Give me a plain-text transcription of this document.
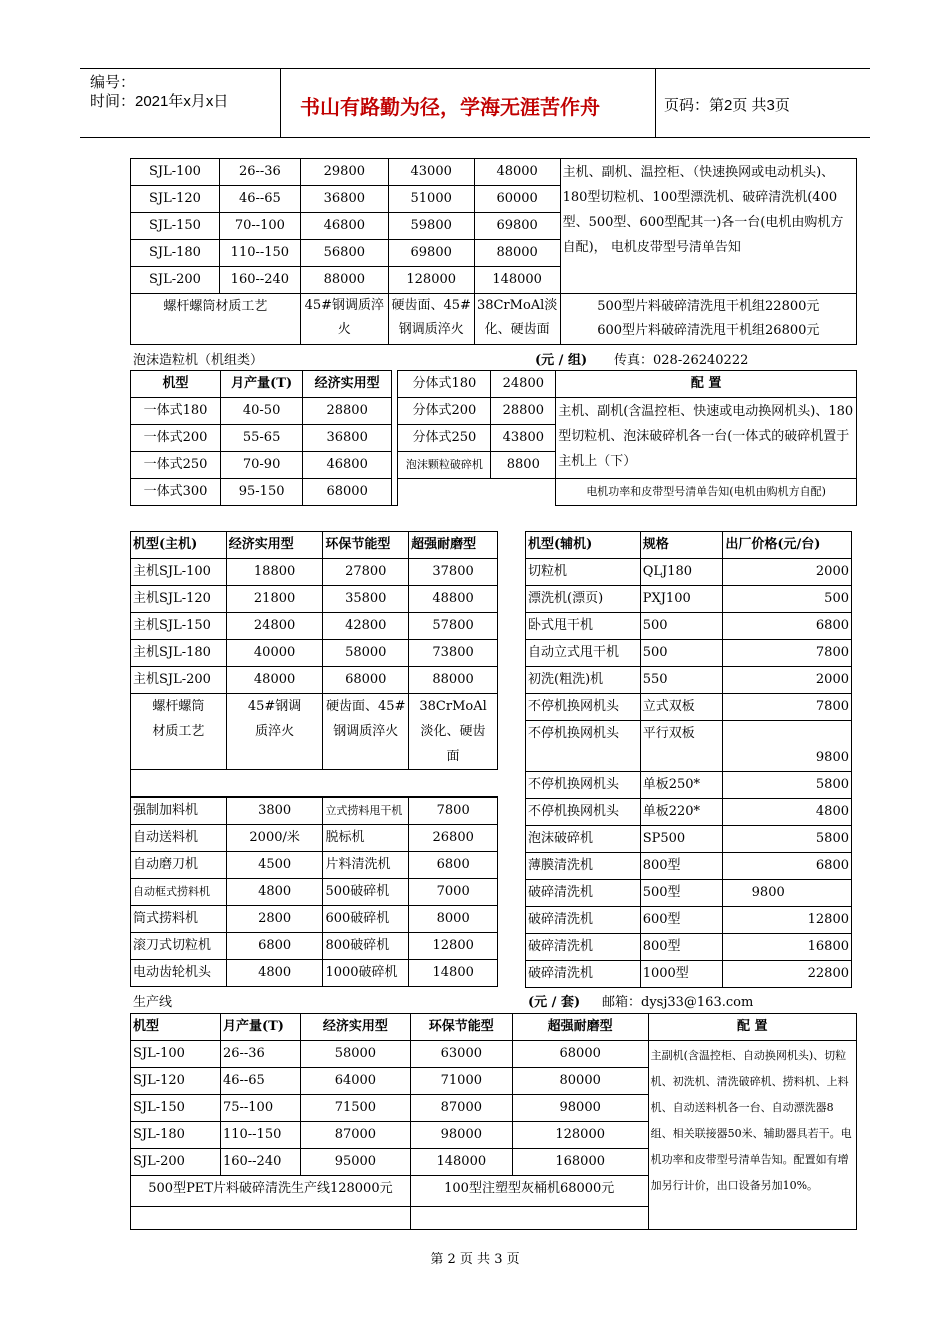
编号：
时间：2021年x月x日	书山有路勤为径，学海无涯苦作舟	页码：第2页 共3页
SJL-100	26--36	29800	43000	48000	主机、副机、温控柜、（快速换网或电动机头)、180型切粒机、100型漂洗机、破碎清洗机(400型、500型、600型配其一)各一台(电机由购机方自配)， 电机皮带型号清单告知
SJL-120	46--65	36800	51000	60000	
SJL-150	70--100	46800	59800	69800	
SJL-180	110--150	56800	69800	88000	
SJL-200	160--240	88000	128000	148000	
螺杆螺筒材质工艺		45#钢调质淬火	硬齿面、45#钢调质淬火	38CrMoAl淡化、硬齿面	500型片料破碎清洗甩干机组22800元
600型片料破碎清洗甩干机组26800元
泡沫造粒机（机组类）	(元 / 组) 传真：028-26240222
机型	月产量(T)	经济实用型		分体式180	24800	配 置
一体式180	40-50	28800		分体式200	28800	主机、副机(含温控柜、快速或电动换网机头)、180型切粒机、泡沫破碎机各一台(一体式的破碎机置于主机上（下）
一体式200	55-65	36800		分体式250	43800	
一体式250	70-90	46800		泡沫颗粒破碎机	8800	
一体式300	95-150	68000				电机功率和皮带型号清单告知(电机由购机方自配)
机型(主机)	经济实用型	环保节能型	超强耐磨型
主机SJL-100	18800	27800	37800
主机SJL-120	21800	35800	48800
主机SJL-150	24800	42800	57800
主机SJL-180	40000	58000	73800
主机SJL-200	48000	68000	88000
螺杆螺筒材质工艺	45#钢调质淬火	硬齿面、45#钢调质淬火	38CrMoAl淡化、硬齿面

强制加料机	3800	立式捞料甩干机	7800
自动送料机	2000/米	脱标机	26800
自动磨刀机	4500	片料清洗机	6800
自动框式捞料机	4800	500破碎机	7000
筒式捞料机	2800	600破碎机	8000
滚刀式切粒机	6800	800破碎机	12800
电动齿轮机头	4800	1000破碎机	14800
机型(辅机)	规格	出厂价格(元/台)
切粒机	QLJ180	2000
漂洗机(漂页)	PXJ100	500
卧式甩干机	500	6800
自动立式甩干机	500	7800
初洗(粗洗)机	550	2000
不停机换网机头	立式双板	7800
不停机换网机头	平行双板	9800
不停机换网机头	单板250*	5800
不停机换网机头	单板220*	4800
泡沫破碎机	SP500	5800
薄膜清洗机	800型	6800
破碎清洗机	500型	9800
破碎清洗机	600型	12800
破碎清洗机	800型	16800
破碎清洗机	1000型	22800
生产线	(元 / 套) 邮箱：dysj33@163.com
机型	月产量(T)	经济实用型	环保节能型	超强耐磨型	配 置
SJL-100	26--36	58000	63000	68000	主副机(含温控柜、自动换网机头)、切粒机、初洗机、清洗破碎机、捞料机、上料机、自动送料机各一台、自动漂洗器8组、相关联接器50米、辅助器具若干。电机功率和皮带型号清单告知。配置如有增加另行计价，出口设备另加10%。
SJL-120	46--65	64000	71000	80000	
SJL-150	75--100	71500	87000	98000	
SJL-180	110--150	87000	98000	128000	
SJL-200	160--240	95000	148000	168000	
500型PET片料破碎清洗生产线128000元			100型注塑型灰桶机68000元		

第 2 页 共 3 页
